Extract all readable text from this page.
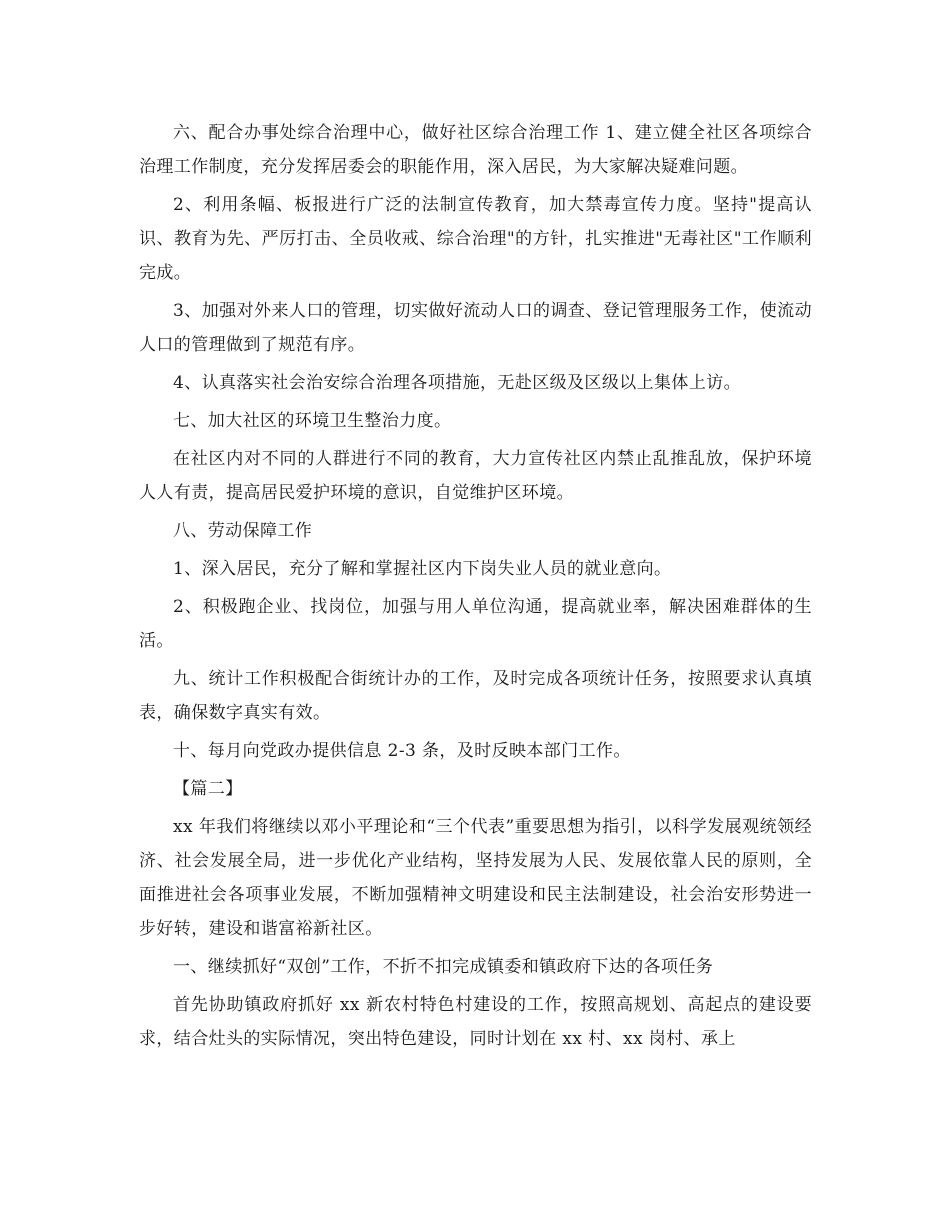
六、配合办事处综合治理中心，做好社区综合治理工作 1、建立健全社区各项综合治理工作制度，充分发挥居委会的职能作用，深入居民，为大家解决疑难问题。

2、利用条幅、板报进行广泛的法制宣传教育，加大禁毒宣传力度。坚持"提高认识、教育为先、严厉打击、全员收戒、综合治理"的方针，扎实推进"无毒社区"工作顺利完成。

3、加强对外来人口的管理，切实做好流动人口的调查、登记管理服务工作，使流动人口的管理做到了规范有序。

4、认真落实社会治安综合治理各项措施，无赴区级及区级以上集体上访。

七、加大社区的环境卫生整治力度。

在社区内对不同的人群进行不同的教育，大力宣传社区内禁止乱推乱放，保护环境人人有责，提高居民爱护环境的意识，自觉维护区环境。

八、劳动保障工作

1、深入居民，充分了解和掌握社区内下岗失业人员的就业意向。

2、积极跑企业、找岗位，加强与用人单位沟通，提高就业率，解决困难群体的生活。

九、统计工作积极配合街统计办的工作，及时完成各项统计任务，按照要求认真填表，确保数字真实有效。

十、每月向党政办提供信息 2-3 条，及时反映本部门工作。

【篇二】

xx 年我们将继续以邓小平理论和“三个代表”重要思想为指引，以科学发展观统领经济、社会发展全局，进一步优化产业结构，坚持发展为人民、发展依靠人民的原则，全面推进社会各项事业发展，不断加强精神文明建设和民主法制建设，社会治安形势进一步好转，建设和谐富裕新社区。

一、继续抓好“双创”工作，不折不扣完成镇委和镇政府下达的各项任务

首先协助镇政府抓好 xx 新农村特色村建设的工作，按照高规划、高起点的建设要求，结合灶头的实际情况，突出特色建设，同时计划在 xx 村、xx 岗村、承上
